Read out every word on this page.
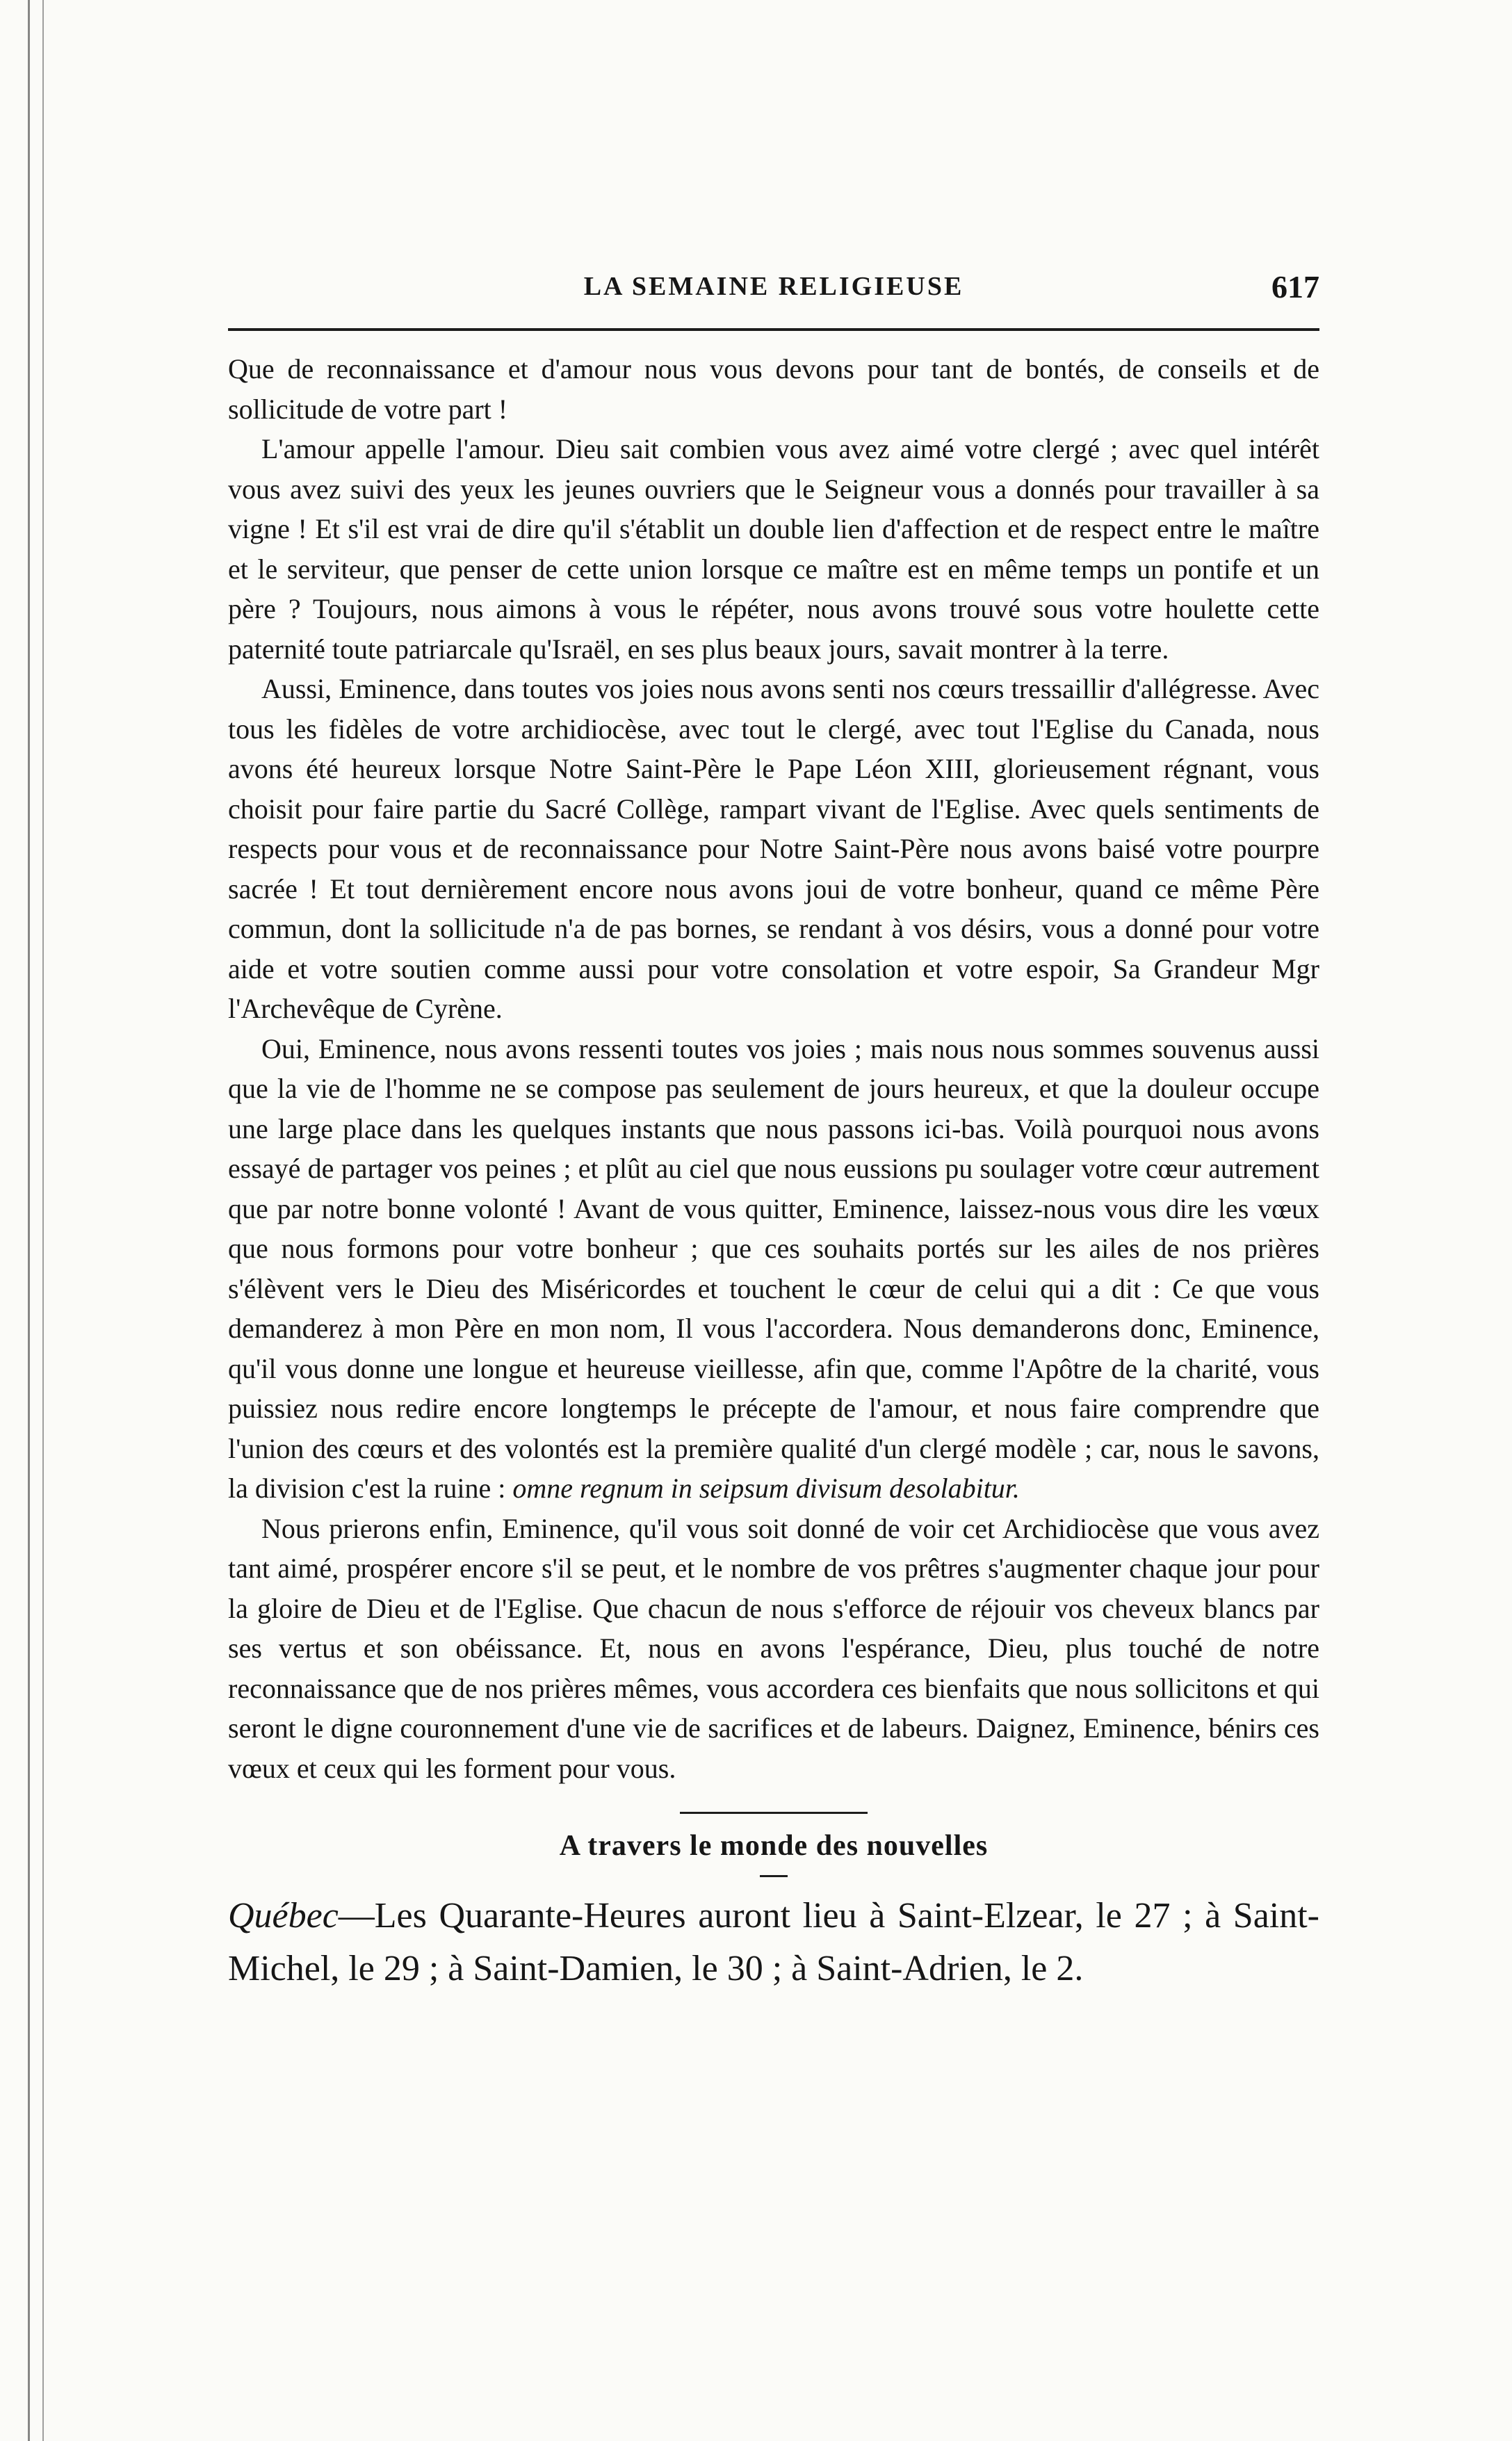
LA SEMAINE RELIGIEUSE	617

Que de reconnaissance et d'amour nous vous devons pour tant de bontés, de conseils et de sollicitude de votre part !

L'amour appelle l'amour. Dieu sait combien vous avez aimé votre clergé ; avec quel intérêt vous avez suivi des yeux les jeunes ouvriers que le Seigneur vous a donnés pour travailler à sa vigne ! Et s'il est vrai de dire qu'il s'établit un double lien d'affection et de respect entre le maître et le serviteur, que penser de cette union lorsque ce maître est en même temps un pontife et un père ? Toujours, nous aimons à vous le répéter, nous avons trouvé sous votre houlette cette paternité toute patriarcale qu'Israël, en ses plus beaux jours, savait montrer à la terre.

Aussi, Eminence, dans toutes vos joies nous avons senti nos cœurs tressaillir d'allégresse. Avec tous les fidèles de votre archidiocèse, avec tout le clergé, avec tout l'Eglise du Canada, nous avons été heureux lorsque Notre Saint-Père le Pape Léon XIII, glorieusement régnant, vous choisit pour faire partie du Sacré Collège, rampart vivant de l'Eglise. Avec quels sentiments de respects pour vous et de reconnaissance pour Notre Saint-Père nous avons baisé votre pourpre sacrée ! Et tout dernièrement encore nous avons joui de votre bonheur, quand ce même Père commun, dont la sollicitude n'a de pas bornes, se rendant à vos désirs, vous a donné pour votre aide et votre soutien comme aussi pour votre consolation et votre espoir, Sa Grandeur Mgr l'Archevêque de Cyrène.

Oui, Eminence, nous avons ressenti toutes vos joies ; mais nous nous sommes souvenus aussi que la vie de l'homme ne se compose pas seulement de jours heureux, et que la douleur occupe une large place dans les quelques instants que nous passons ici-bas. Voilà pourquoi nous avons essayé de partager vos peines ; et plût au ciel que nous eussions pu soulager votre cœur autrement que par notre bonne volonté ! Avant de vous quitter, Eminence, laissez-nous vous dire les vœux que nous formons pour votre bonheur ; que ces souhaits portés sur les ailes de nos prières s'élèvent vers le Dieu des Miséricordes et touchent le cœur de celui qui a dit : Ce que vous demanderez à mon Père en mon nom, Il vous l'accordera. Nous demanderons donc, Eminence, qu'il vous donne une longue et heureuse vieillesse, afin que, comme l'Apôtre de la charité, vous puissiez nous redire encore longtemps le précepte de l'amour, et nous faire comprendre que l'union des cœurs et des volontés est la première qualité d'un clergé modèle ; car, nous le savons, la division c'est la ruine : omne regnum in seipsum divisum desolabitur.

Nous prierons enfin, Eminence, qu'il vous soit donné de voir cet Archidiocèse que vous avez tant aimé, prospérer encore s'il se peut, et le nombre de vos prêtres s'augmenter chaque jour pour la gloire de Dieu et de l'Eglise. Que chacun de nous s'efforce de réjouir vos cheveux blancs par ses vertus et son obéissance. Et, nous en avons l'espérance, Dieu, plus touché de notre reconnaissance que de nos prières mêmes, vous accordera ces bienfaits que nous sollicitons et qui seront le digne couronnement d'une vie de sacrifices et de labeurs. Daignez, Eminence, bénirs ces vœux et ceux qui les forment pour vous.

A travers le monde des nouvelles

Québec—Les Quarante-Heures auront lieu à Saint-Elzear, le 27 ; à Saint-Michel, le 29 ; à Saint-Damien, le 30 ; à Saint-Adrien, le 2.
